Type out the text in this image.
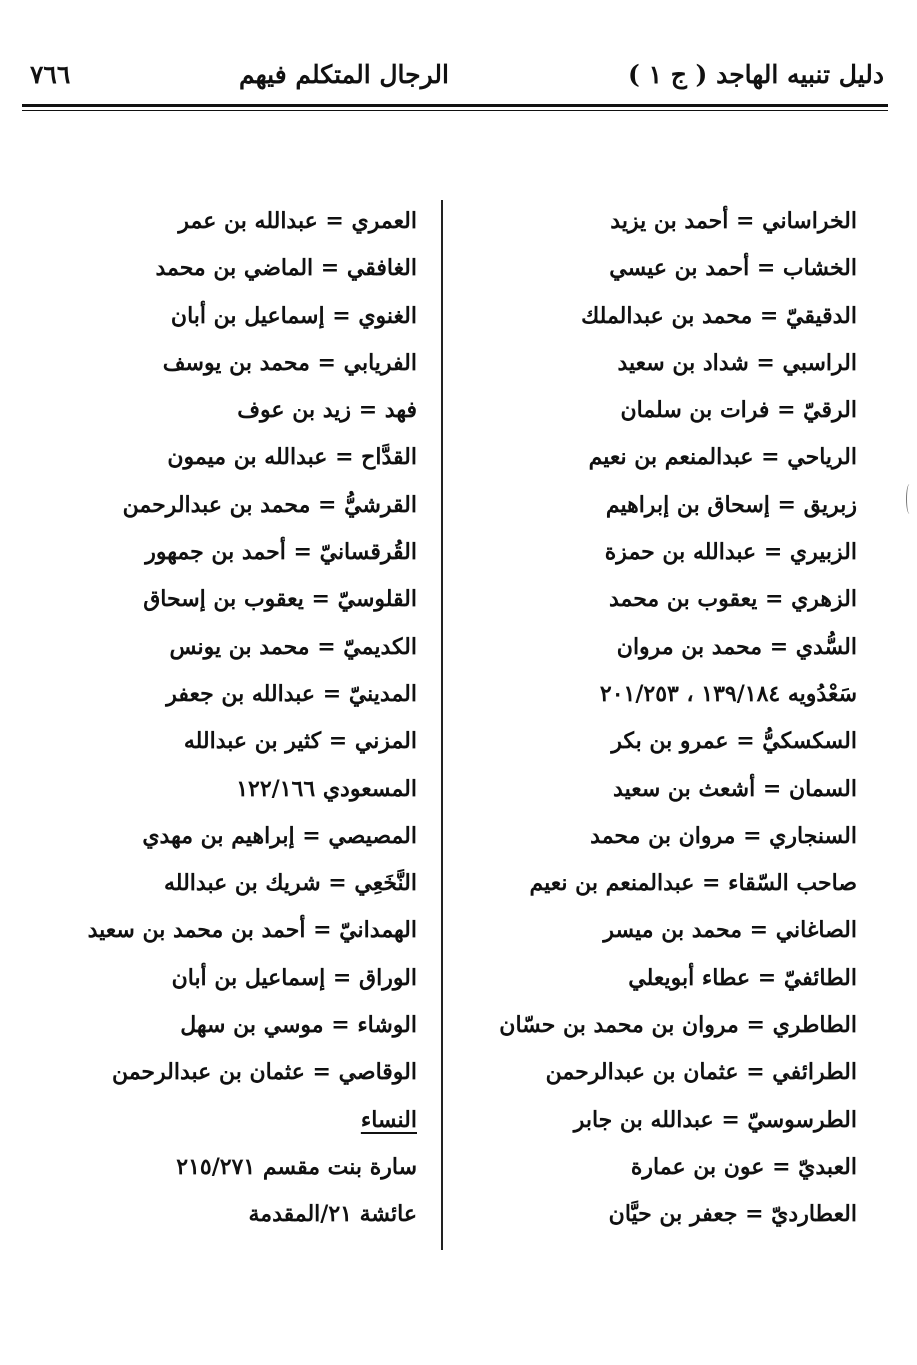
دليل تنبيه الهاجد ( ج ١ )
الرجال المتكلم فيهم
٧٦٦
الخراساني = أحمد بن يزيد
الخشاب = أحمد بن عيسي
الدقيقيّ = محمد بن عبدالملك
الراسبي = شداد بن سعيد
الرقيّ = فرات بن سلمان
الرياحي = عبدالمنعم بن نعيم
زبريق = إسحاق بن إبراهيم
الزبيري = عبدالله بن حمزة
الزهري = يعقوب بن محمد
السُّدي = محمد بن مروان
سَعْدُويه ١٣٩/١٨٤ ، ٢٠١/٢٥٣
السكسكيُّ = عمرو بن بكر
السمان = أشعث بن سعيد
السنجاري = مروان بن محمد
صاحب السّقاء = عبدالمنعم بن نعيم
الصاغاني = محمد بن ميسر
الطائفيّ = عطاء أبويعلي
الطاطري = مروان بن محمد بن حسّان
الطرائفي = عثمان بن عبدالرحمن
الطرسوسيّ = عبدالله بن جابر
العبديّ = عون بن عمارة
العطارديّ = جعفر بن حيَّان
العمري = عبدالله بن عمر
الغافقي = الماضي بن محمد
الغنوي = إسماعيل بن أبان
الفريابي = محمد بن يوسف
فهد = زيد بن عوف
القدَّاح = عبدالله بن ميمون
القرشيُّ = محمد بن عبدالرحمن
القُرقسانيّ = أحمد بن جمهور
القلوسيّ = يعقوب بن إسحاق
الكديميّ = محمد بن يونس
المدينيّ = عبدالله بن جعفر
المزني = كثير بن عبدالله
المسعودي ١٢٢/١٦٦
المصيصي = إبراهيم بن مهدي
النَّخَعِي = شريك بن عبدالله
الهمدانيّ = أحمد بن محمد بن سعيد
الوراق = إسماعيل بن أبان
الوشاء = موسي بن سهل
الوقاصي = عثمان بن عبدالرحمن
النساء
سارة بنت مقسم ٢١٥/٢٧١
عائشة ٢١/المقدمة
